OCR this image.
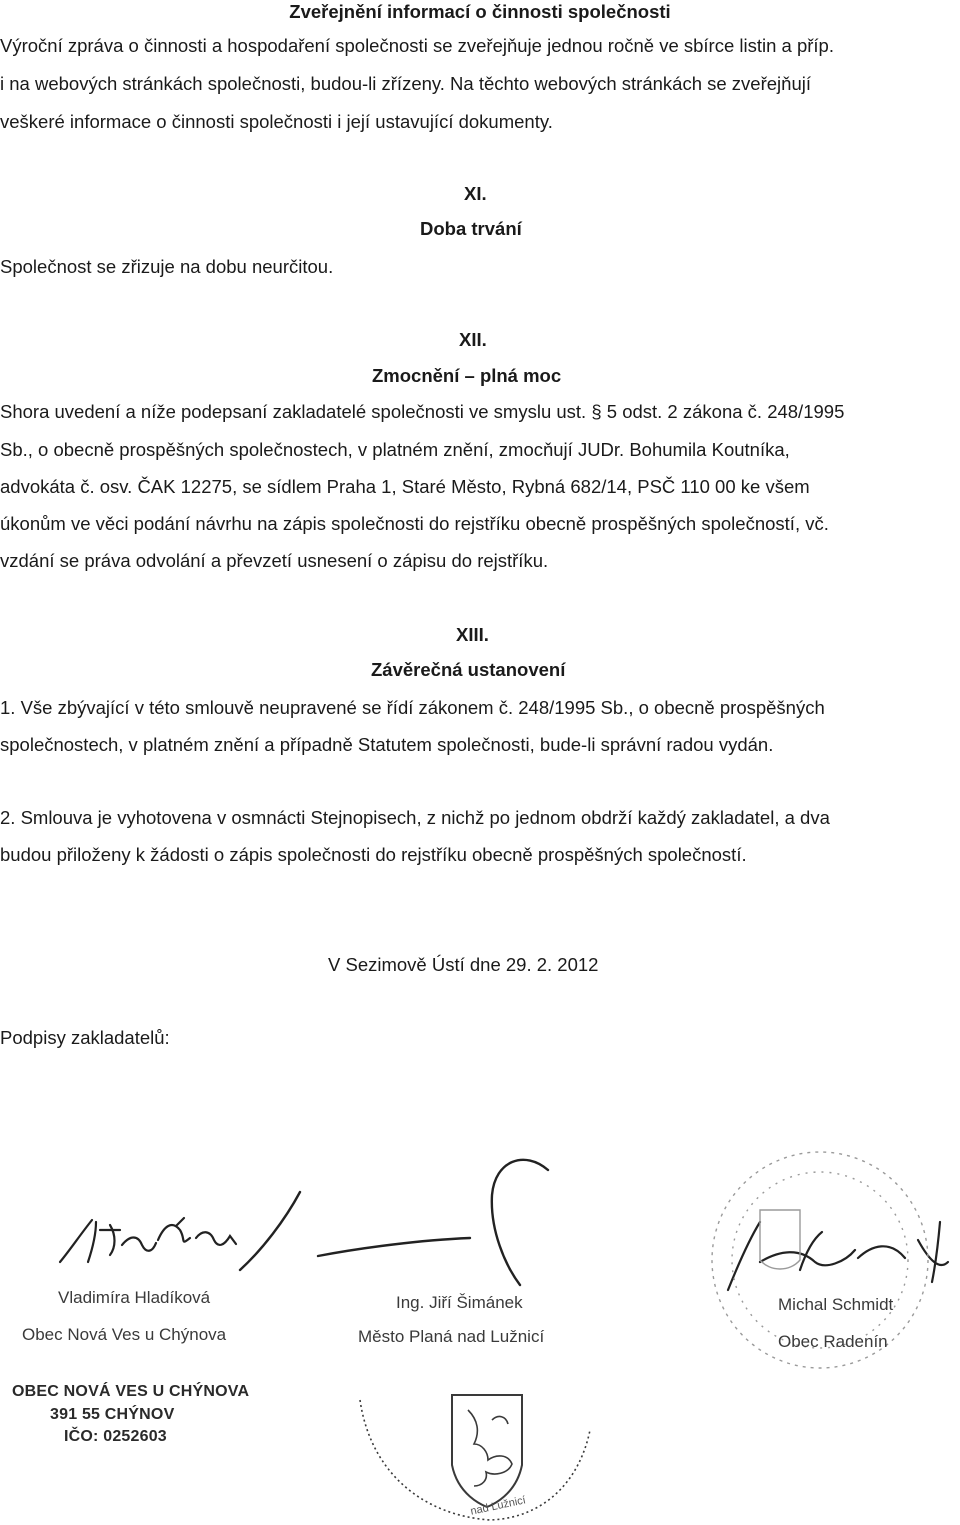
Zveřejnění informací o činnosti společnosti
Výroční zpráva o činnosti a hospodaření společnosti se zveřejňuje jednou ročně ve sbírce listin a příp.
i na webových stránkách společnosti, budou-li zřízeny. Na těchto webových stránkách se zveřejňují
veškeré informace o činnosti společnosti i její ustavující dokumenty.
XI.
Doba trvání
Společnost se zřizuje na dobu neurčitou.
XII.
Zmocnění – plná moc
Shora uvedení a níže podepsaní zakladatelé společnosti ve smyslu ust. § 5 odst. 2 zákona č. 248/1995
Sb., o obecně prospěšných společnostech, v platném znění, zmocňují JUDr. Bohumila Koutníka,
advokáta č. osv. ČAK 12275, se sídlem Praha 1, Staré Město, Rybná 682/14, PSČ 110 00 ke všem
úkonům ve věci podání návrhu na zápis společnosti do rejstříku obecně prospěšných společností, vč.
vzdání se práva odvolání a převzetí usnesení o zápisu do rejstříku.
XIII.
Závěrečná ustanovení
1. Vše zbývající v této smlouvě neupravené se řídí zákonem č. 248/1995 Sb., o obecně prospěšných
společnostech, v platném znění a případně Statutem společnosti, bude-li správní radou vydán.
2. Smlouva je vyhotovena v osmnácti Stejnopisech, z nichž po jednom obdrží každý zakladatel, a dva
budou přiloženy k žádosti o zápis společnosti do rejstříku obecně prospěšných společností.
V Sezimově Ústí dne 29. 2. 2012
Podpisy zakladatelů:
Vladimíra Hladíková
Obec Nová Ves u Chýnova
OBEC NOVÁ VES U CHÝNOVA
391 55 CHÝNOV
IČO: 0252603
Ing. Jiří Šimánek
Město Planá nad Lužnicí
nad Lužnicí
Michal Schmidt
Obec Radenín
